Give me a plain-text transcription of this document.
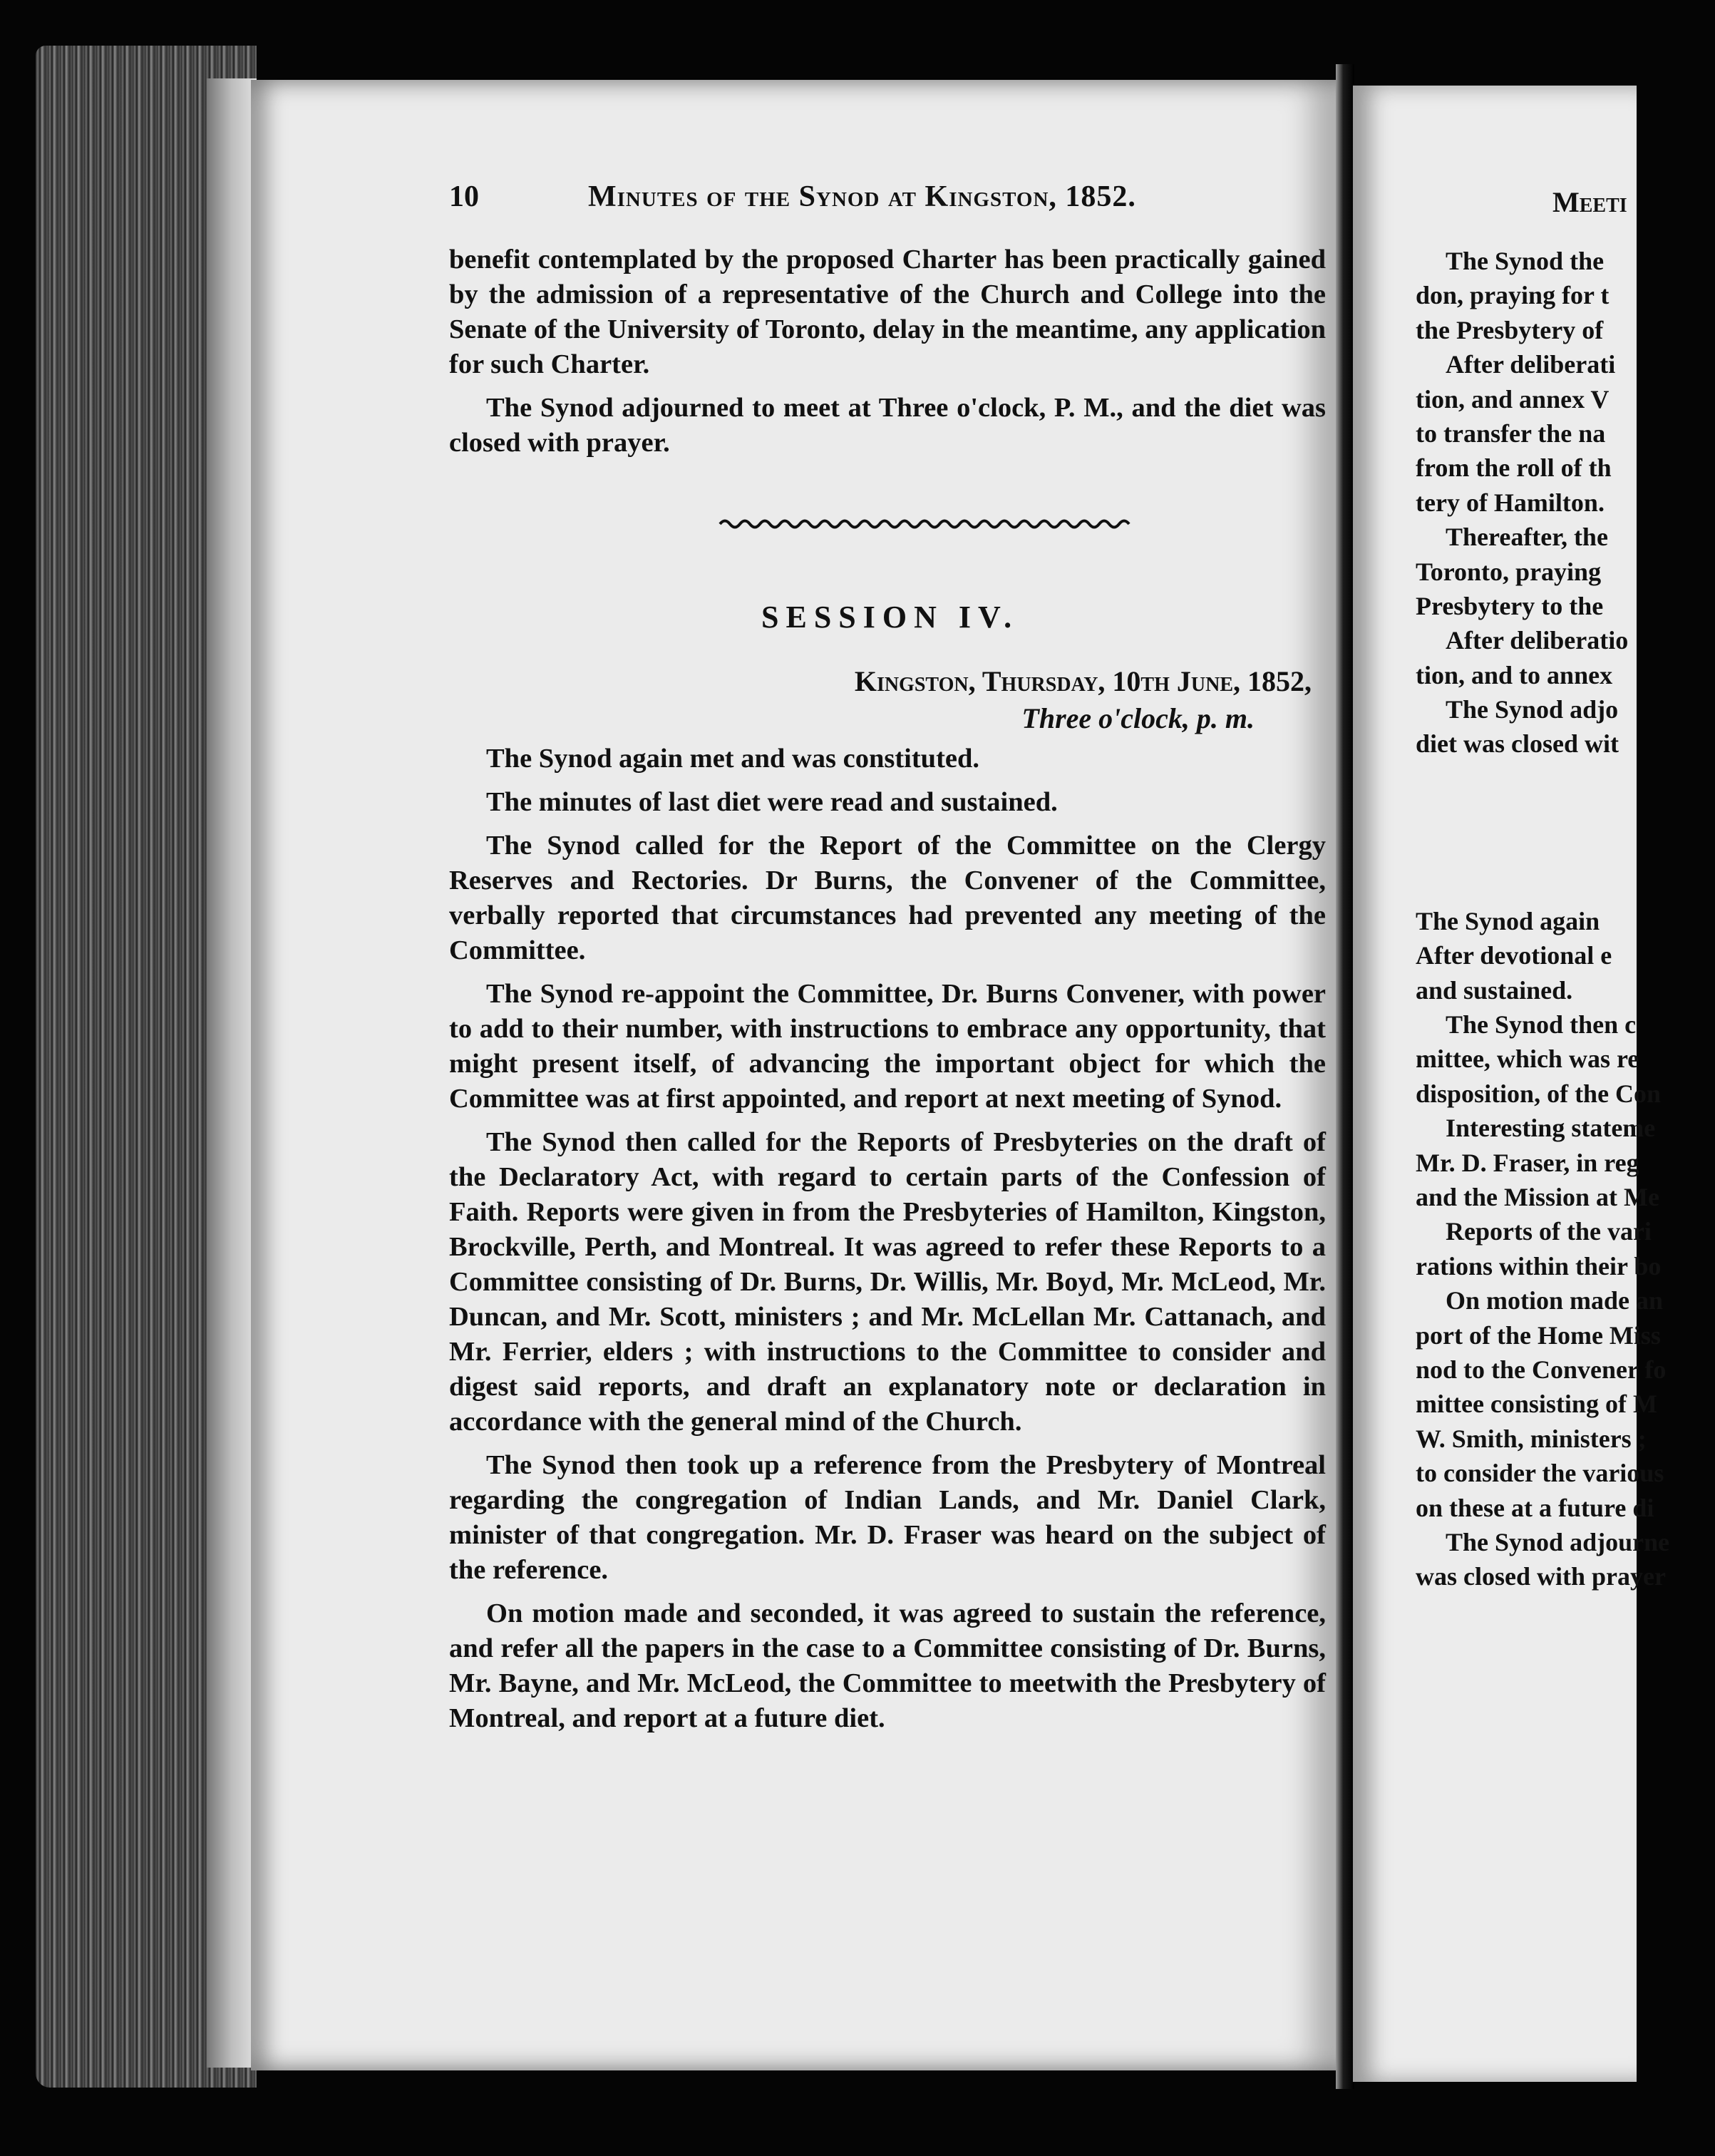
10	Minutes of the Synod at Kingston, 1852.

benefit contemplated by the proposed Charter has been practically gained by the admission of a representative of the Church and College into the Senate of the University of Toronto, delay in the meantime, any application for such Charter.

The Synod adjourned to meet at Three o'clock, P. M., and the diet was closed with prayer.

SESSION IV.
Kingston, Thursday, 10th June, 1852,
Three o'clock, p. m.

The Synod again met and was constituted.

The minutes of last diet were read and sustained.

The Synod called for the Report of the Committee on the Clergy Reserves and Rectories. Dr Burns, the Convener of the Committee, verbally reported that circumstances had prevented any meeting of the Committee.

The Synod re-appoint the Committee, Dr. Burns Convener, with power to add to their number, with instructions to embrace any opportunity, that might present itself, of advancing the important object for which the Committee was at first appointed, and report at next meeting of Synod.

The Synod then called for the Reports of Presbyteries on the draft of the Declaratory Act, with regard to certain parts of the Confession of Faith. Reports were given in from the Presbyteries of Hamilton, Kingston, Brockville, Perth, and Montreal. It was agreed to refer these Reports to a Committee consisting of Dr. Burns, Dr. Willis, Mr. Boyd, Mr. McLeod, Mr. Duncan, and Mr. Scott, ministers ; and Mr. McLellan Mr. Cattanach, and Mr. Ferrier, elders ; with instructions to the Committee to consider and digest said reports, and draft an explanatory note or declaration in accordance with the general mind of the Church.

The Synod then took up a reference from the Presbytery of Montreal regarding the congregation of Indian Lands, and Mr. Daniel Clark, minister of that congregation. Mr. D. Fraser was heard on the subject of the reference.

On motion made and seconded, it was agreed to sustain the reference, and refer all the papers in the case to a Committee consisting of Dr. Burns, Mr. Bayne, and Mr. McLeod, the Committee to meetwith the Presbytery of Montreal, and report at a future diet.

Meeti
The Synod the
don, praying for t
the Presbytery of
After deliberati
tion, and annex V
to transfer the na
from the roll of th
tery of Hamilton.
Thereafter, the
Toronto, praying
Presbytery to the
After deliberatio
tion, and to annex
The Synod adjo
diet was closed wit
The Synod again
After devotional e
and sustained.
The Synod then c
mittee, which was re
disposition, of the Con
Interesting stateme
Mr. D. Fraser, in reg
and the Mission at Me
Reports of the vari
rations within their bo
On motion made an
port of the Home Miss
nod to the Convener fo
mittee consisting of M
W. Smith, ministers ;
to consider the various
on these at a future di
The Synod adjourne
was closed with prayer
